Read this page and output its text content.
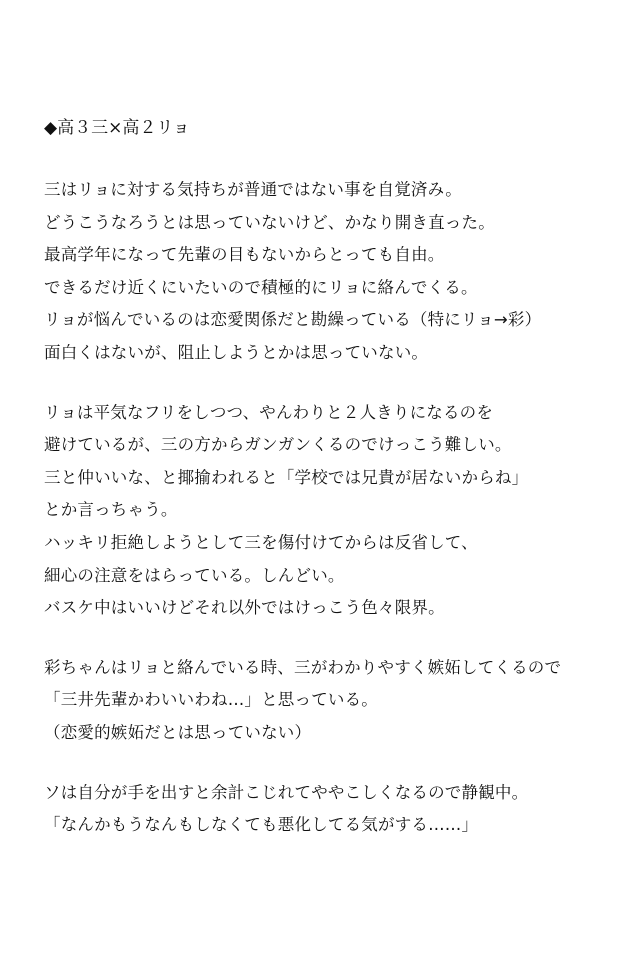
◆高３三×高２リョ
三はリョに対する気持ちが普通ではない事を自覚済み。
どうこうなろうとは思っていないけど、かなり開き直った。
最高学年になって先輩の目もないからとっても自由。
できるだけ近くにいたいので積極的にリョに絡んでくる。
リョが悩んでいるのは恋愛関係だと勘繰っている（特にリョ→彩）
面白くはないが、阻止しようとかは思っていない。
リョは平気なフリをしつつ、やんわりと２人きりになるのを
避けているが、三の方からガンガンくるのでけっこう難しい。
三と仲いいな、と揶揄われると「学校では兄貴が居ないからね」
とか言っちゃう。
ハッキリ拒絶しようとして三を傷付けてからは反省して、
細心の注意をはらっている。しんどい。
バスケ中はいいけどそれ以外ではけっこう色々限界。
彩ちゃんはリョと絡んでいる時、三がわかりやすく嫉妬してくるので
「三井先輩かわいいわね…」と思っている。
（恋愛的嫉妬だとは思っていない）
ソは自分が手を出すと余計こじれてややこしくなるので静観中。
「なんかもうなんもしなくても悪化してる気がする……」
